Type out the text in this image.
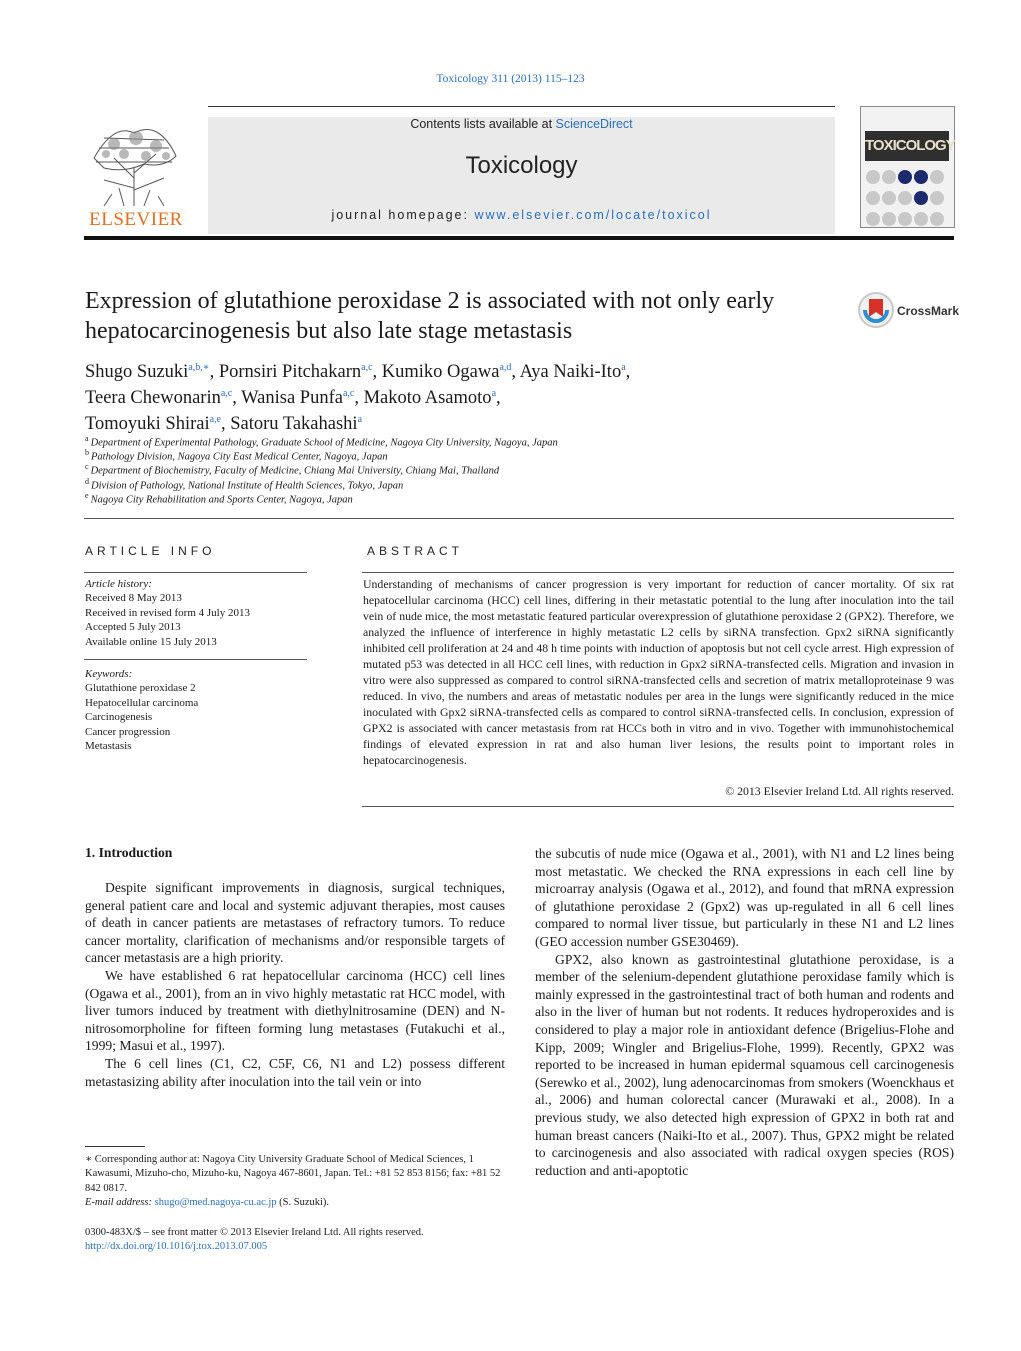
Toxicology 311 (2013) 115–123
ELSEVIER
Contents lists available at ScienceDirect
Toxicology
journal homepage: www.elsevier.com/locate/toxicol
TOXICOLOGY

Expression of glutathione peroxidase 2 is associated with not only early hepatocarcinogenesis but also late stage metastasis
CrossMark
Shugo Suzuki$^{a,b,∗}$, Pornsiri Pitchakarn$^{a,c}$, Kumiko Ogawa$^{a,d}$, Aya Naiki-Ito$^a$,
Teera Chewonarin$^{a,c}$, Wanisa Punfa$^{a,c}$, Makoto Asamoto$^a$,
Tomoyuki Shirai$^{a,e}$, Satoru Takahashi$^a$
$^a$ Department of Experimental Pathology, Graduate School of Medicine, Nagoya City University, Nagoya, Japan
$^b$ Pathology Division, Nagoya City East Medical Center, Nagoya, Japan
$^c$ Department of Biochemistry, Faculty of Medicine, Chiang Mai University, Chiang Mai, Thailand
$^d$ Division of Pathology, National Institute of Health Sciences, Tokyo, Japan
$^e$ Nagoya City Rehabilitation and Sports Center, Nagoya, Japan
ARTICLE INFO
Article history:
Received 8 May 2013
Received in revised form 4 July 2013
Accepted 5 July 2013
Available online 15 July 2013
Keywords:
Glutathione peroxidase 2
Hepatocellular carcinoma
Carcinogenesis
Cancer progression
Metastasis
ABSTRACT
Understanding of mechanisms of cancer progression is very important for reduction of cancer mortality. Of six rat hepatocellular carcinoma (HCC) cell lines, differing in their metastatic potential to the lung after inoculation into the tail vein of nude mice, the most metastatic featured particular overexpression of glutathione peroxidase 2 (GPX2). Therefore, we analyzed the influence of interference in highly metastatic L2 cells by siRNA transfection. Gpx2 siRNA significantly inhibited cell proliferation at 24 and 48 h time points with induction of apoptosis but not cell cycle arrest. High expression of mutated p53 was detected in all HCC cell lines, with reduction in Gpx2 siRNA-transfected cells. Migration and invasion in vitro were also suppressed as compared to control siRNA-transfected cells and secretion of matrix metalloproteinase 9 was reduced. In vivo, the numbers and areas of metastatic nodules per area in the lungs were significantly reduced in the mice inoculated with Gpx2 siRNA-transfected cells as compared to control siRNA-transfected cells. In conclusion, expression of GPX2 is associated with cancer metastasis from rat HCCs both in vitro and in vivo. Together with immunohistochemical findings of elevated expression in rat and also human liver lesions, the results point to important roles in hepatocarcinogenesis.
© 2013 Elsevier Ireland Ltd. All rights reserved.
1. Introduction

Despite significant improvements in diagnosis, surgical techniques, general patient care and local and systemic adjuvant therapies, most causes of death in cancer patients are metastases of refractory tumors. To reduce cancer mortality, clarification of mechanisms and/or responsible targets of cancer metastasis are a high priority.

We have established 6 rat hepatocellular carcinoma (HCC) cell lines (Ogawa et al., 2001), from an in vivo highly metastatic rat HCC model, with liver tumors induced by treatment with diethylnitrosamine (DEN) and N-nitrosomorpholine for fifteen forming lung metastases (Futakuchi et al., 1999; Masui et al., 1997).

The 6 cell lines (C1, C2, C5F, C6, N1 and L2) possess different metastasizing ability after inoculation into the tail vein or into

the subcutis of nude mice (Ogawa et al., 2001), with N1 and L2 lines being most metastatic. We checked the RNA expressions in each cell line by microarray analysis (Ogawa et al., 2012), and found that mRNA expression of glutathione peroxidase 2 (Gpx2) was up-regulated in all 6 cell lines compared to normal liver tissue, but particularly in these N1 and L2 lines (GEO accession number GSE30469).

GPX2, also known as gastrointestinal glutathione peroxidase, is a member of the selenium-dependent glutathione peroxidase family which is mainly expressed in the gastrointestinal tract of both human and rodents and also in the liver of human but not rodents. It reduces hydroperoxides and is considered to play a major role in antioxidant defence (Brigelius-Flohe and Kipp, 2009; Wingler and Brigelius-Flohe, 1999). Recently, GPX2 was reported to be increased in human epidermal squamous cell carcinogenesis (Serewko et al., 2002), lung adenocarcinomas from smokers (Woenckhaus et al., 2006) and human colorectal cancer (Murawaki et al., 2008). In a previous study, we also detected high expression of GPX2 in both rat and human breast cancers (Naiki-Ito et al., 2007). Thus, GPX2 might be related to carcinogenesis and also associated with radical oxygen species (ROS) reduction and anti-apoptotic

∗ Corresponding author at: Nagoya City University Graduate School of Medical Sciences, 1 Kawasumi, Mizuho-cho, Mizuho-ku, Nagoya 467-8601, Japan. Tel.: +81 52 853 8156; fax: +81 52 842 0817.
E-mail address: shugo@med.nagoya-cu.ac.jp (S. Suzuki).
0300-483X/$ – see front matter © 2013 Elsevier Ireland Ltd. All rights reserved.
http://dx.doi.org/10.1016/j.tox.2013.07.005
